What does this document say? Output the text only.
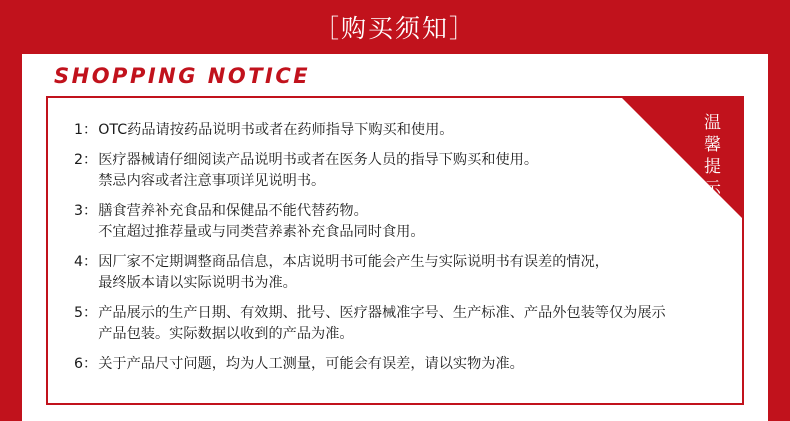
［购买须知］
SHOPPING NOTICE
温馨提示
1： OTC药品请按药品说明书或者在药师指导下购买和使用。
2： 医疗器械请仔细阅读产品说明书或者在医务人员的指导下购买和使用。
禁忌内容或者注意事项详见说明书。
3： 膳食营养补充食品和保健品不能代替药物。
不宜超过推荐量或与同类营养素补充食品同时食用。
4： 因厂家不定期调整商品信息，本店说明书可能会产生与实际说明书有误差的情况，
最终版本请以实际说明书为准。
5： 产品展示的生产日期、有效期、批号、医疗器械准字号、生产标准、产品外包装等仅为展示
产品包装。实际数据以收到的产品为准。
6： 关于产品尺寸问题，均为人工测量，可能会有误差，请以实物为准。
